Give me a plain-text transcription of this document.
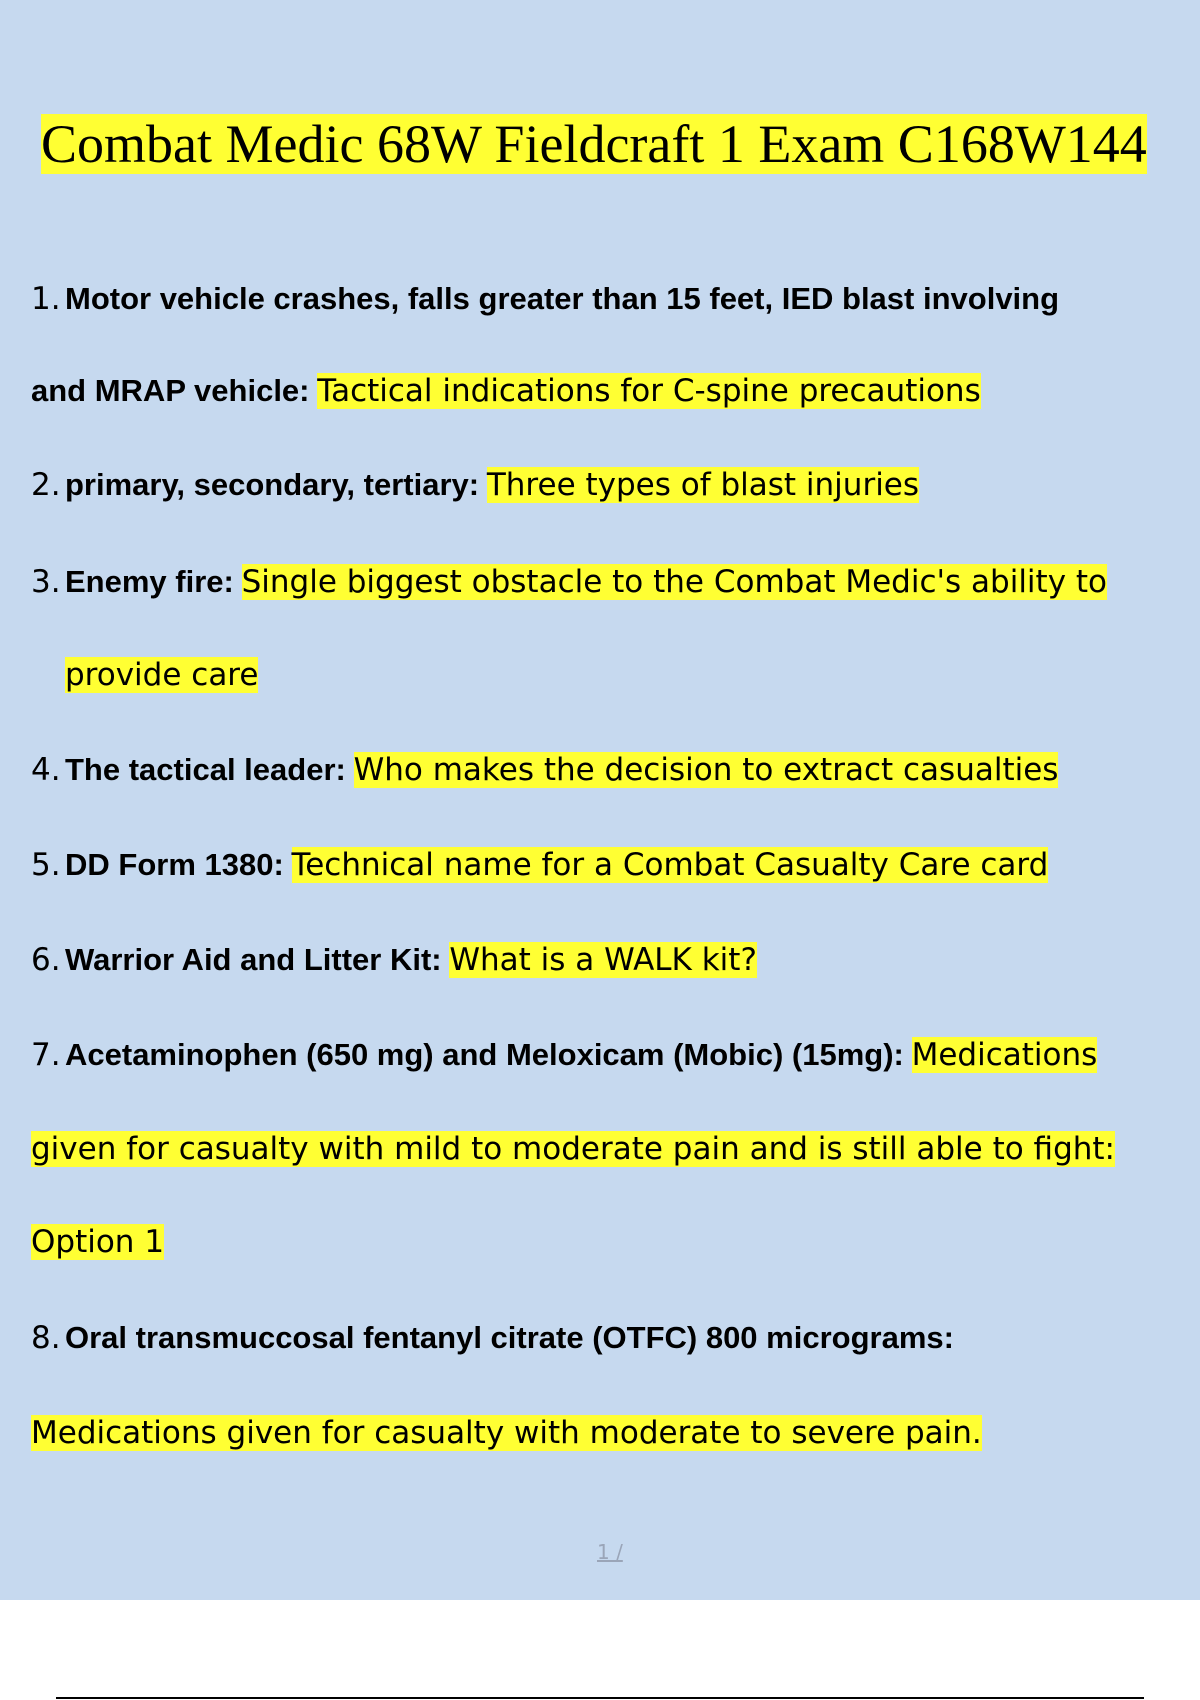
Combat Medic 68W Fieldcraft 1 Exam C168W144
1. Motor vehicle crashes, falls greater than 15 feet, IED blast involving
and MRAP vehicle: Tactical indications for C-spine precautions
2. primary, secondary, tertiary: Three types of blast injuries
3. Enemy fire: Single biggest obstacle to the Combat Medic's ability to
provide care
4. The tactical leader: Who makes the decision to extract casualties
5. DD Form 1380: Technical name for a Combat Casualty Care card
6. Warrior Aid and Litter Kit: What is a WALK kit?
7. Acetaminophen (650 mg) and Meloxicam (Mobic) (15mg): Medications
given for casualty with mild to moderate pain and is still able to fight:
Option 1
8. Oral transmuccosal fentanyl citrate (OTFC) 800 micrograms:
Medications given for casualty with moderate to severe pain.
1 /
